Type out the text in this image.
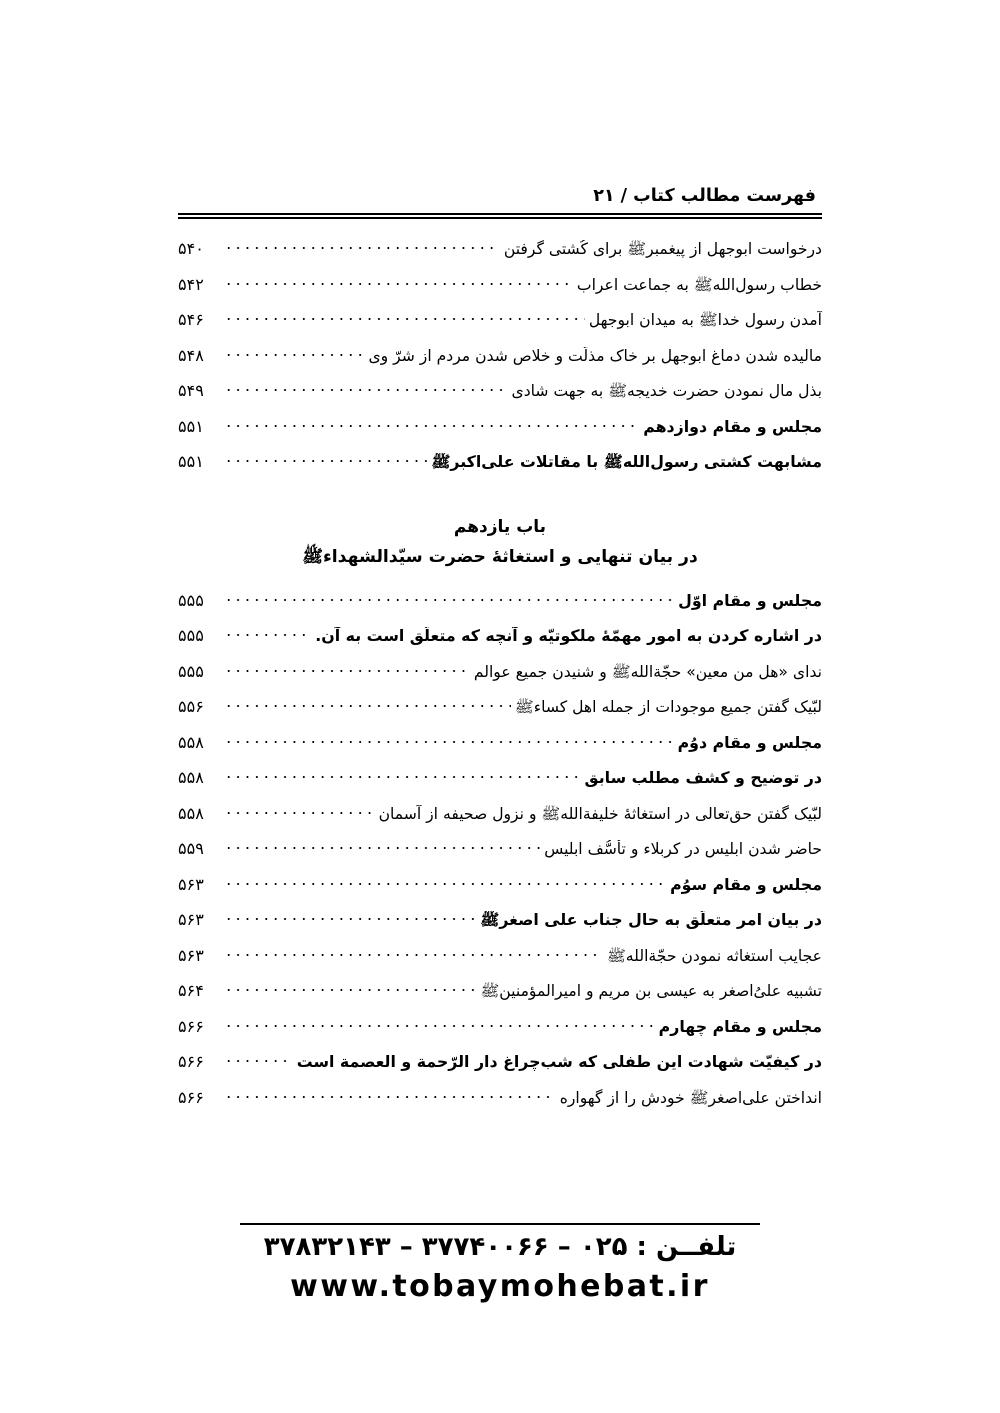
فهرست مطالب کتاب / ۲۱
درخواست ابوجهل از پیغمبرﷺ برای کُشتی گرفتن
۵۴۰
خطاب رسول‌اللهﷺ به جماعت اعراب
۵۴۲
آمدن رسول خداﷺ به میدان ابوجهل
۵۴۶
مالیده شدن دماغ ابوجهل بر خاک مذلّت و خلاص شدن مردم از شرّ وی
۵۴۸
بذل مال نمودن حضرت خدیجهﷺ به جهت شادی
۵۴۹
مجلس و مقام دوازدهم
۵۵۱
مشابهت کشتی رسول‌اللهﷺ با مقاتلات علی‌اکبرﷺ
۵۵۱
باب یازدهم
در بیان تنهایی و استغاثۀ حضرت سیّدالشهداءﷺ
مجلس و مقام اوّل
۵۵۵
در اشاره کردن به امور مهمّۀ ملکوتیّه و آنچه که متعلّق است به آن.
۵۵۵
ندای «هل من معینٍ» حجّةاللهﷺ و شنیدن جمیع عوالم
۵۵۵
لبّیک گفتن جمیع موجودات از جمله اهل کساءﷺ
۵۵۶
مجلس و مقام دوُم
۵۵۸
در توضیح و کشف مطلب سابق
۵۵۸
لبّیک گفتن حق‌تعالی در استغاثۀ خلیفةاللهﷺ و نزول صحیفه از آسمان
۵۵۸
حاضر شدن ابلیس در کربلاء و تأسُّف ابلیس
۵۵۹
مجلس و مقام سوُم
۵۶۳
در بیان امر متعلّق به حال جناب علی اصغرﷺ
۵۶۳
عجایب استغاثه نمودن حجّةاللهﷺ
۵۶۳
تشبیه علیُ‌اصغر به عیسی بن مریم و امیرالمؤمنینﷺ
۵۶۴
مجلس و مقام چهارم
۵۶۶
در کیفیّت شهادت این طفلی که شب‌چراغ دار الرّحمة و العصمة است
۵۶۶
انداختن علی‌اصغرﷺ خودش را از گهواره
۵۶۶
تلفــن : ۰۲۵ – ۳۷۷۴۰۰۶۶ – ۳۷۸۳۲۱۴۳
www.tobaymohebat.ir
